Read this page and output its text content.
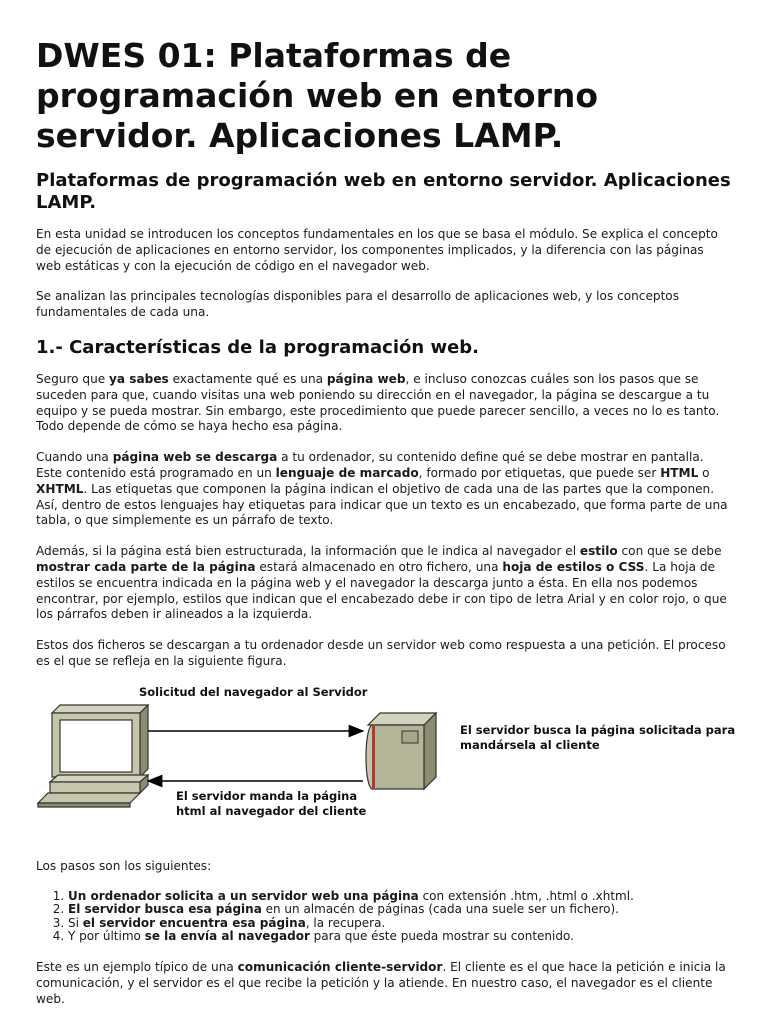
DWES 01: Plataformas de programación web en entorno servidor. Aplicaciones LAMP.
Plataformas de programación web en entorno servidor. Aplicaciones LAMP.

En esta unidad se introducen los conceptos fundamentales en los que se basa el módulo. Se explica el concepto de ejecución de aplicaciones en entorno servidor, los componentes implicados, y la diferencia con las páginas web estáticas y con la ejecución de código en el navegador web.

Se analizan las principales tecnologías disponibles para el desarrollo de aplicaciones web, y los conceptos fundamentales de cada una.

1.- Características de la programación web.

Seguro que ya sabes exactamente qué es una página web, e incluso conozcas cuáles son los pasos que se suceden para que, cuando visitas una web poniendo su dirección en el navegador, la página se descargue a tu equipo y se pueda mostrar. Sin embargo, este procedimiento que puede parecer sencillo, a veces no lo es tanto. Todo depende de cómo se haya hecho esa página.

Cuando una página web se descarga a tu ordenador, su contenido define qué se debe mostrar en pantalla. Este contenido está programado en un lenguaje de marcado, formado por etiquetas, que puede ser HTML o XHTML. Las etiquetas que componen la página indican el objetivo de cada una de las partes que la componen. Así, dentro de estos lenguajes hay etiquetas para indicar que un texto es un encabezado, que forma parte de una tabla, o que simplemente es un párrafo de texto.

Además, si la página está bien estructurada, la información que le indica al navegador el estilo con que se debe mostrar cada parte de la página estará almacenado en otro fichero, una hoja de estilos o CSS. La hoja de estilos se encuentra indicada en la página web y el navegador la descarga junto a ésta. En ella nos podemos encontrar, por ejemplo, estilos que indican que el encabezado debe ir con tipo de letra Arial y en color rojo, o que los párrafos deben ir alineados a la izquierda.

Estos dos ficheros se descargan a tu ordenador desde un servidor web como respuesta a una petición. El proceso es el que se refleja en la siguiente figura.

Solicitud del navegador al Servidor
El servidor busca la página solicitada para mandársela al cliente
El servidor manda la página html al navegador del cliente

Los pasos son los siguientes:

1. Un ordenador solicita a un servidor web una página con extensión .htm, .html o .xhtml.
2. El servidor busca esa página en un almacén de páginas (cada una suele ser un fichero).
3. Si el servidor encuentra esa página, la recupera.
4. Y por último se la envía al navegador para que éste pueda mostrar su contenido.

Este es un ejemplo típico de una comunicación cliente-servidor. El cliente es el que hace la petición e inicia la comunicación, y el servidor es el que recibe la petición y la atiende. En nuestro caso, el navegador es el cliente web.
